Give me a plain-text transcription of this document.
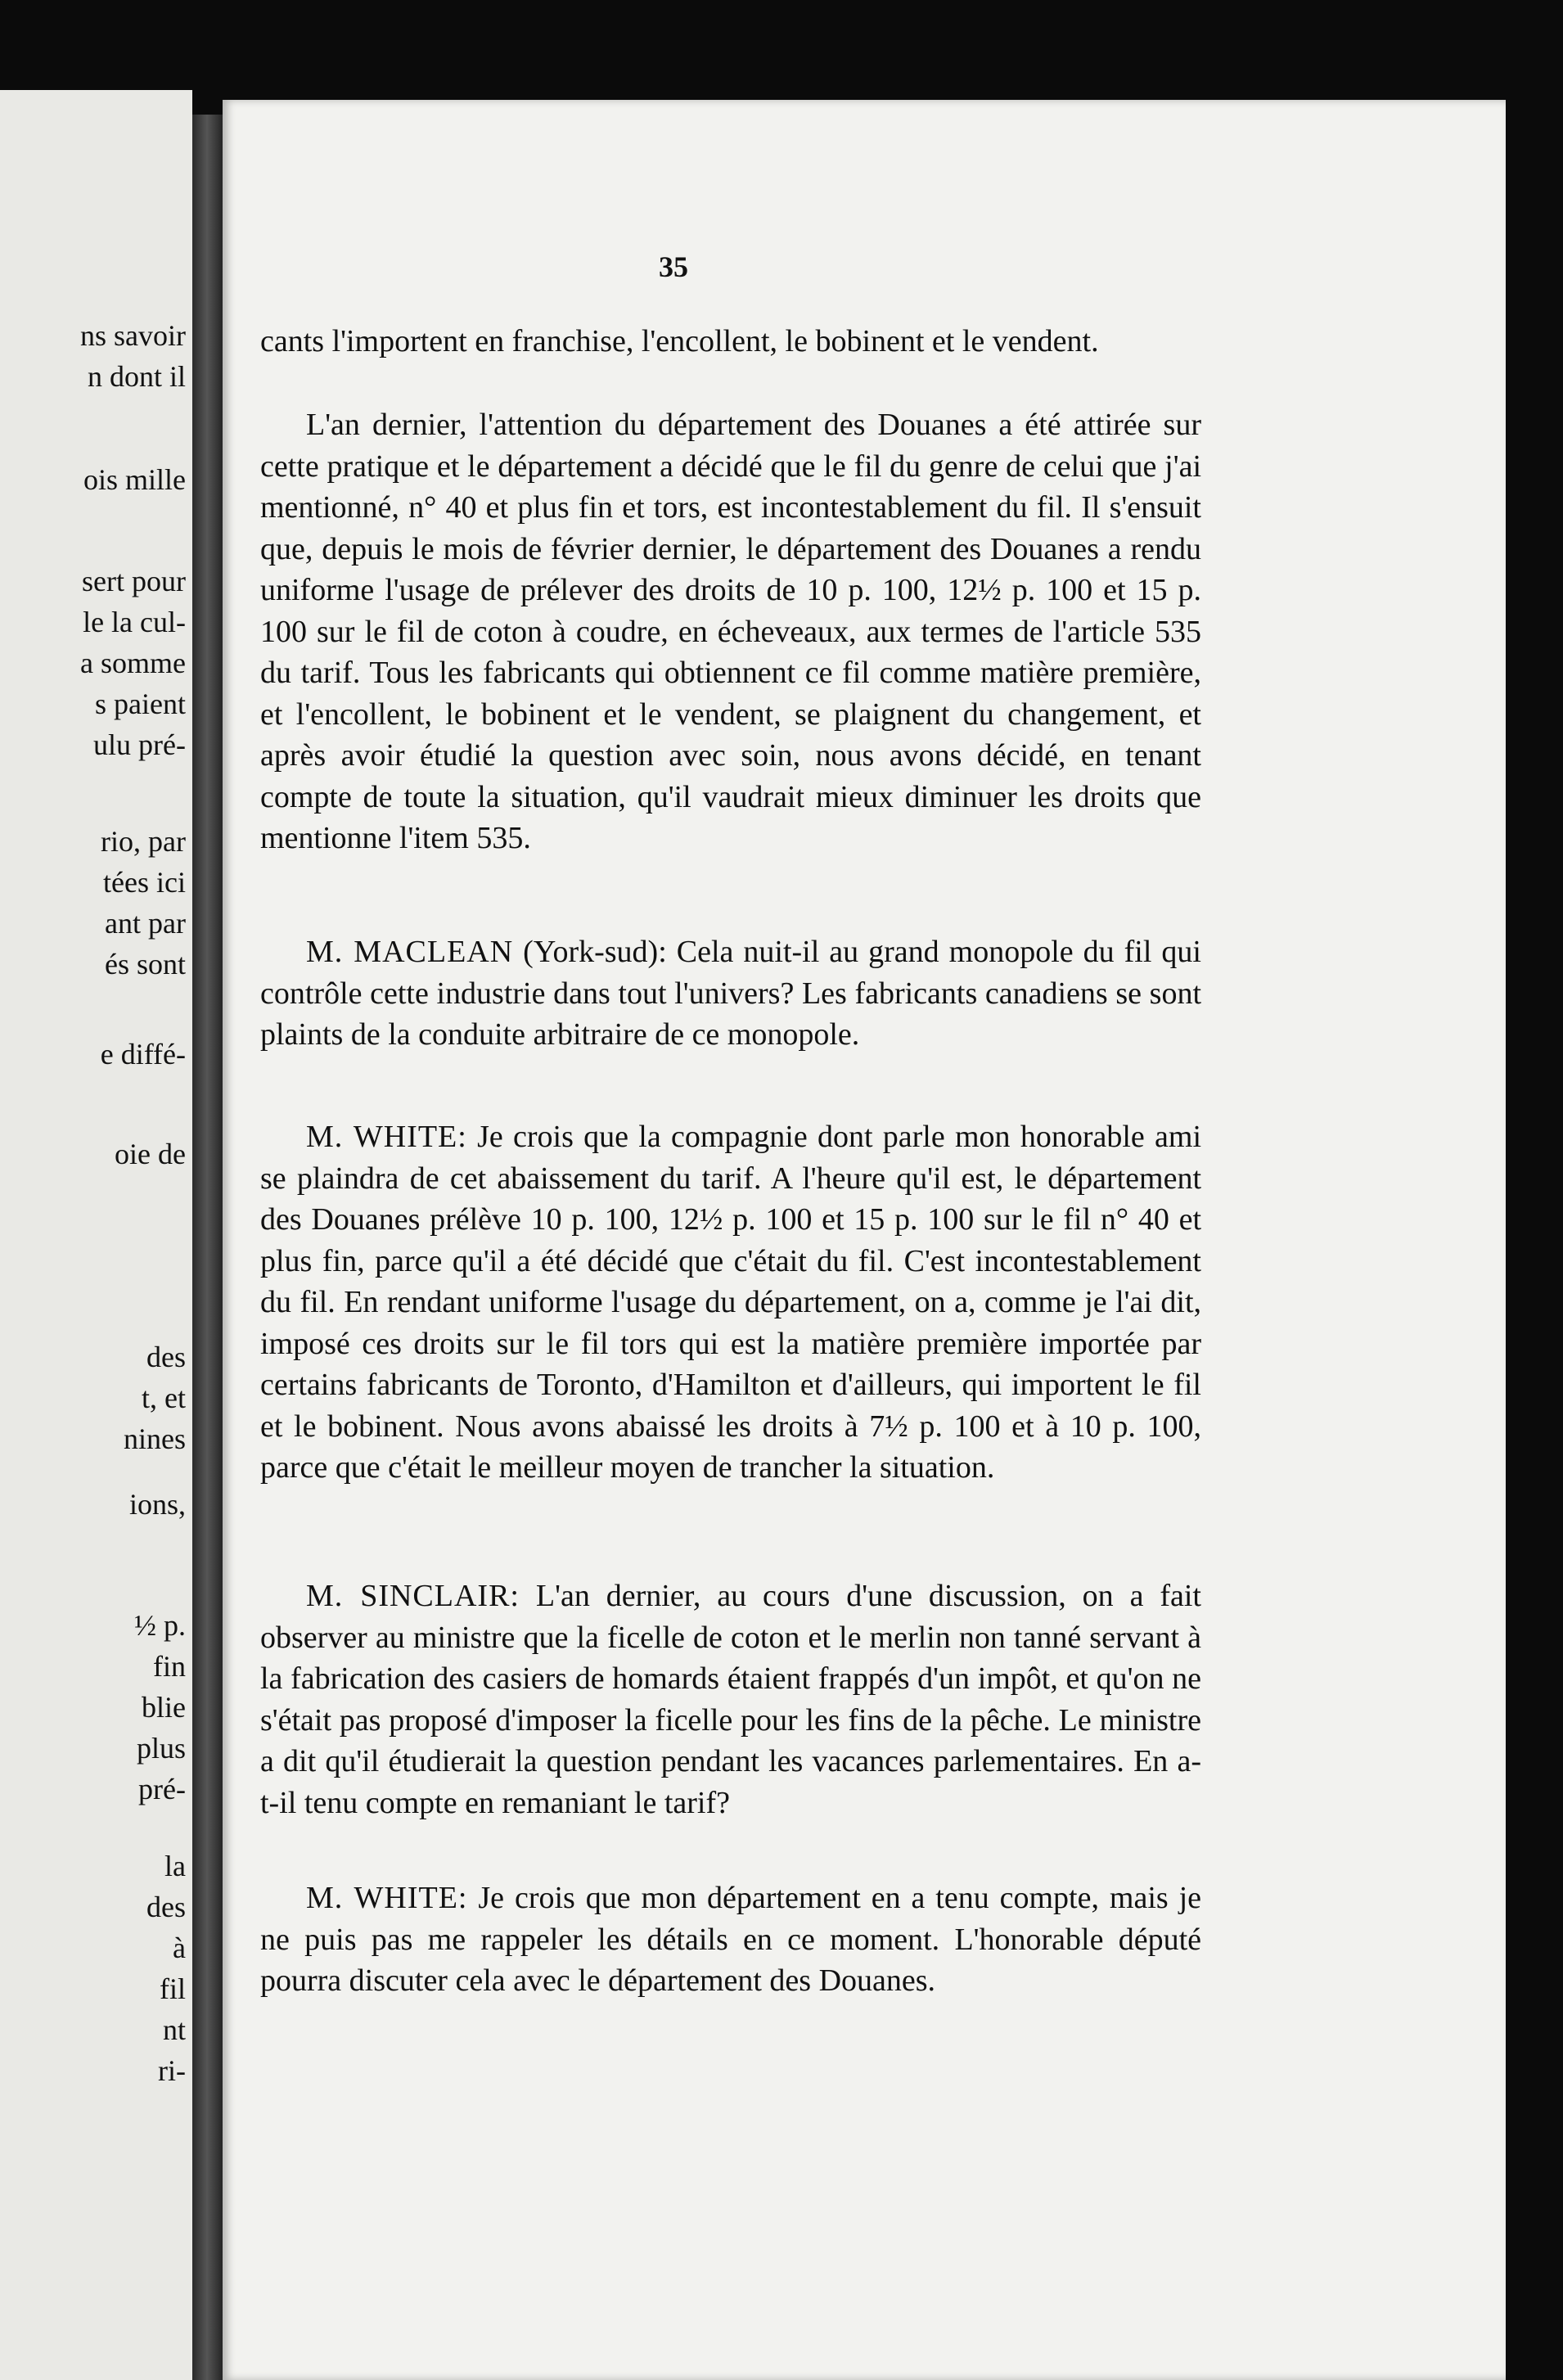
ns savoir
n dont il
ois mille
sert pour
le la cul-
a somme
s paient
ulu pré-
rio, par
tées ici
ant par
és sont
e diffé-
oie de
des
t, et
nines
ions,
½ p.
fin
blie
plus
pré-
la
des
à
fil
nt
ri-
35
cants l'importent en franchise, l'encollent, le bobinent et le vendent.
L'an dernier, l'attention du département des Douanes a été attirée sur cette pratique et le département a décidé que le fil du genre de celui que j'ai mentionné, n° 40 et plus fin et tors, est incontestablement du fil. Il s'ensuit que, depuis le mois de février dernier, le département des Douanes a rendu uniforme l'usage de prélever des droits de 10 p. 100, 12½ p. 100 et 15 p. 100 sur le fil de coton à coudre, en écheveaux, aux termes de l'article 535 du tarif. Tous les fabricants qui obtiennent ce fil comme matière première, et l'encollent, le bobinent et le vendent, se plaignent du changement, et après avoir étudié la question avec soin, nous avons décidé, en tenant compte de toute la situation, qu'il vaudrait mieux diminuer les droits que mentionne l'item 535.
M. MACLEAN (York-sud): Cela nuit-il au grand monopole du fil qui contrôle cette industrie dans tout l'univers? Les fabricants canadiens se sont plaints de la conduite arbitraire de ce monopole.
M. WHITE: Je crois que la compagnie dont parle mon honorable ami se plaindra de cet abaissement du tarif. A l'heure qu'il est, le département des Douanes prélève 10 p. 100, 12½ p. 100 et 15 p. 100 sur le fil n° 40 et plus fin, parce qu'il a été décidé que c'était du fil. C'est incontestablement du fil. En rendant uniforme l'usage du département, on a, comme je l'ai dit, imposé ces droits sur le fil tors qui est la matière première importée par certains fabricants de Toronto, d'Hamilton et d'ailleurs, qui importent le fil et le bobinent. Nous avons abaissé les droits à 7½ p. 100 et à 10 p. 100, parce que c'était le meilleur moyen de trancher la situation.
M. SINCLAIR: L'an dernier, au cours d'une discussion, on a fait observer au ministre que la ficelle de coton et le merlin non tanné servant à la fabrication des casiers de homards étaient frappés d'un impôt, et qu'on ne s'était pas proposé d'imposer la ficelle pour les fins de la pêche. Le ministre a dit qu'il étudierait la question pendant les vacances parlementaires. En a-t-il tenu compte en remaniant le tarif?
M. WHITE: Je crois que mon département en a tenu compte, mais je ne puis pas me rappeler les détails en ce moment. L'honorable député pourra discuter cela avec le département des Douanes.
